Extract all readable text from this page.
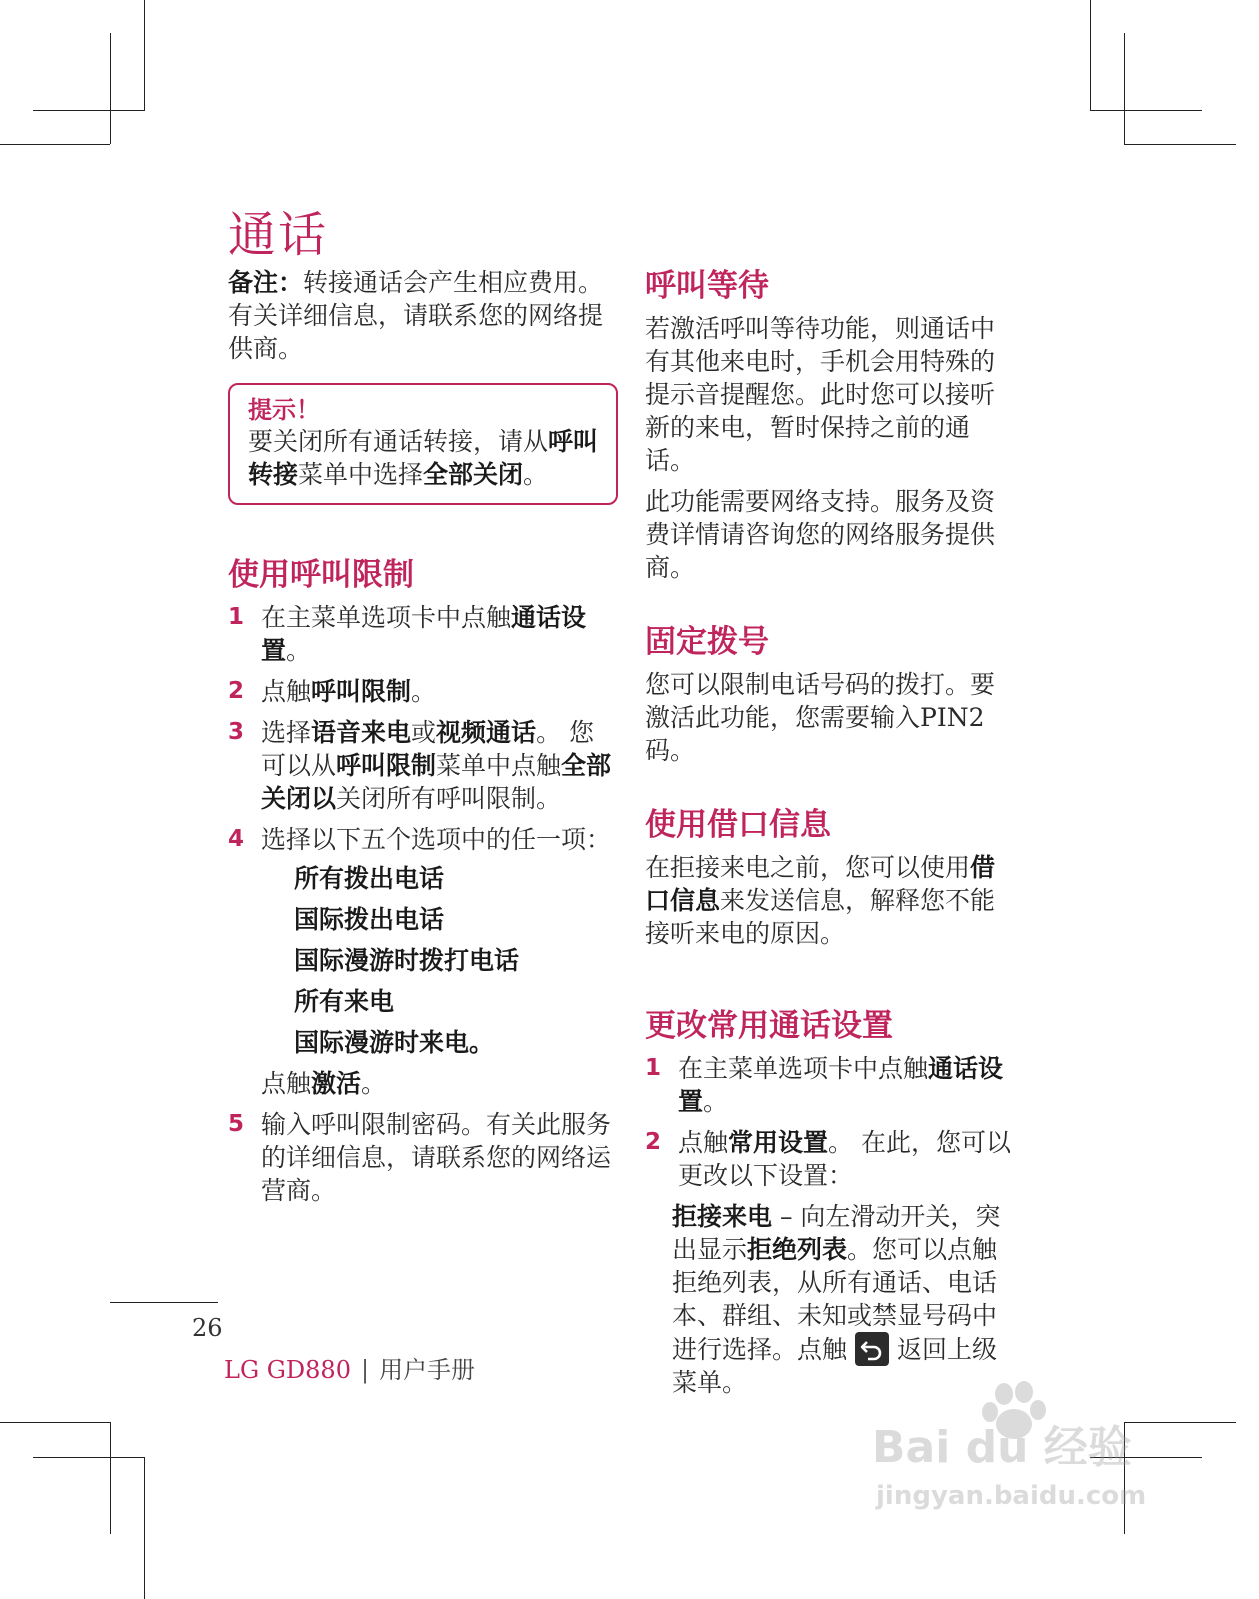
通话

备注：转接通话会产生相应费用。有关详细信息，请联系您的网络提供商。

提示！

要关闭所有通话转接，请从呼叫转接菜单中选择全部关闭。

使用呼叫限制
1 在主菜单选项卡中点触通话设置。
2 点触呼叫限制。
3 选择语音来电或视频通话。 您可以从呼叫限制菜单中点触全部关闭以关闭所有呼叫限制。
4 选择以下五个选项中的任一项：
所有拨出电话
国际拨出电话
国际漫游时拨打电话
所有来电
国际漫游时来电。

点触激活。

5 输入呼叫限制密码。有关此服务的详细信息，请联系您的网络运营商。
呼叫等待

若激活呼叫等待功能，则通话中有其他来电时，手机会用特殊的提示音提醒您。此时您可以接听新的来电，暂时保持之前的通话。

此功能需要网络支持。服务及资费详情请咨询您的网络服务提供商。

固定拨号

您可以限制电话号码的拨打。要激活此功能，您需要输入PIN2码。

使用借口信息

在拒接来电之前，您可以使用借口信息来发送信息，解释您不能接听来电的原因。

更改常用通话设置
1 在主菜单选项卡中点触通话设置。
2 点触常用设置。 在此，您可以更改以下设置：

拒接来电 – 向左滑动开关，突出显示拒绝列表。您可以点触拒绝列表，从所有通话、电话本、群组、未知或禁显号码中进行选择。点触 返回上级菜单。

26
LG GD880 | 用户手册
Bai du 经验
jingyan.baidu.com
